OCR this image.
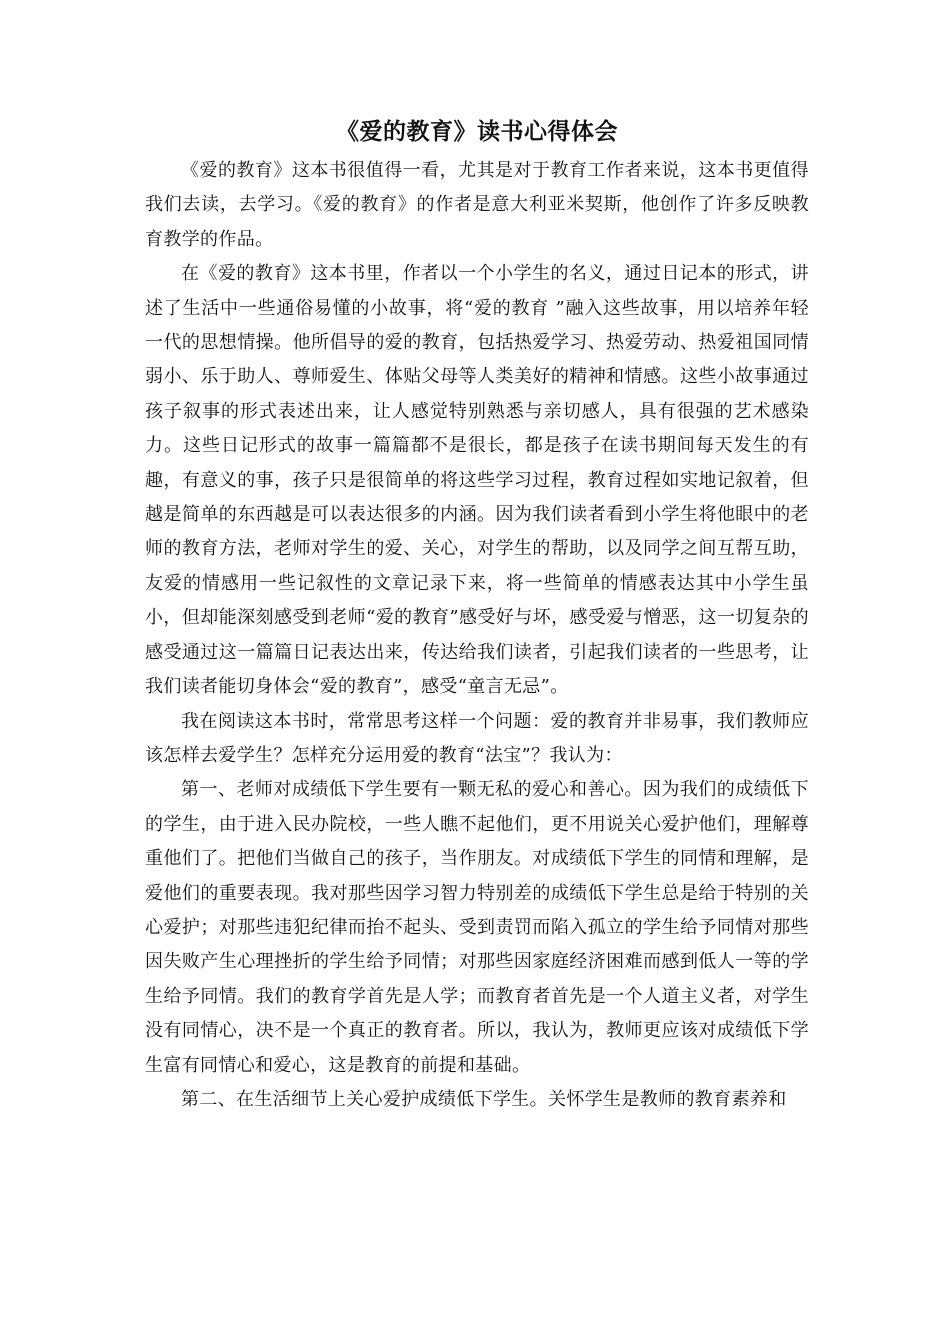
《爱的教育》读书心得体会

《爱的教育》这本书很值得一看，尤其是对于教育工作者来说，这本书更值得我们去读，去学习。《爱的教育》的作者是意大利亚米契斯，他创作了许多反映教育教学的作品。

在《爱的教育》这本书里，作者以一个小学生的名义，通过日记本的形式，讲述了生活中一些通俗易懂的小故事，将“爱的教育 ”融入这些故事，用以培养年轻一代的思想情操。他所倡导的爱的教育，包括热爱学习、热爱劳动、热爱祖国同情弱小、乐于助人、尊师爱生、体贴父母等人类美好的精神和情感。这些小故事通过孩子叙事的形式表述出来，让人感觉特别熟悉与亲切感人，具有很强的艺术感染力。这些日记形式的故事一篇篇都不是很长，都是孩子在读书期间每天发生的有趣，有意义的事，孩子只是很简单的将这些学习过程，教育过程如实地记叙着，但越是简单的东西越是可以表达很多的内涵。因为我们读者看到小学生将他眼中的老师的教育方法，老师对学生的爱、关心，对学生的帮助，以及同学之间互帮互助，友爱的情感用一些记叙性的文章记录下来，将一些简单的情感表达其中小学生虽小，但却能深刻感受到老师“爱的教育”感受好与坏，感受爱与憎恶，这一切复杂的感受通过这一篇篇日记表达出来，传达给我们读者，引起我们读者的一些思考，让我们读者能切身体会“爱的教育”，感受“童言无忌”。

我在阅读这本书时，常常思考这样一个问题：爱的教育并非易事，我们教师应该怎样去爱学生？怎样充分运用爱的教育“法宝”？我认为：

第一、老师对成绩低下学生要有一颗无私的爱心和善心。因为我们的成绩低下的学生，由于进入民办院校，一些人瞧不起他们，更不用说关心爱护他们，理解尊重他们了。把他们当做自己的孩子，当作朋友。对成绩低下学生的同情和理解，是爱他们的重要表现。我对那些因学习智力特别差的成绩低下学生总是给于特别的关心爱护；对那些违犯纪律而抬不起头、受到责罚而陷入孤立的学生给予同情对那些因失败产生心理挫折的学生给予同情；对那些因家庭经济困难而感到低人一等的学生给予同情。我们的教育学首先是人学；而教育者首先是一个人道主义者，对学生没有同情心，决不是一个真正的教育者。所以，我认为，教师更应该对成绩低下学生富有同情心和爱心，这是教育的前提和基础。

第二、在生活细节上关心爱护成绩低下学生。关怀学生是教师的教育素养和
